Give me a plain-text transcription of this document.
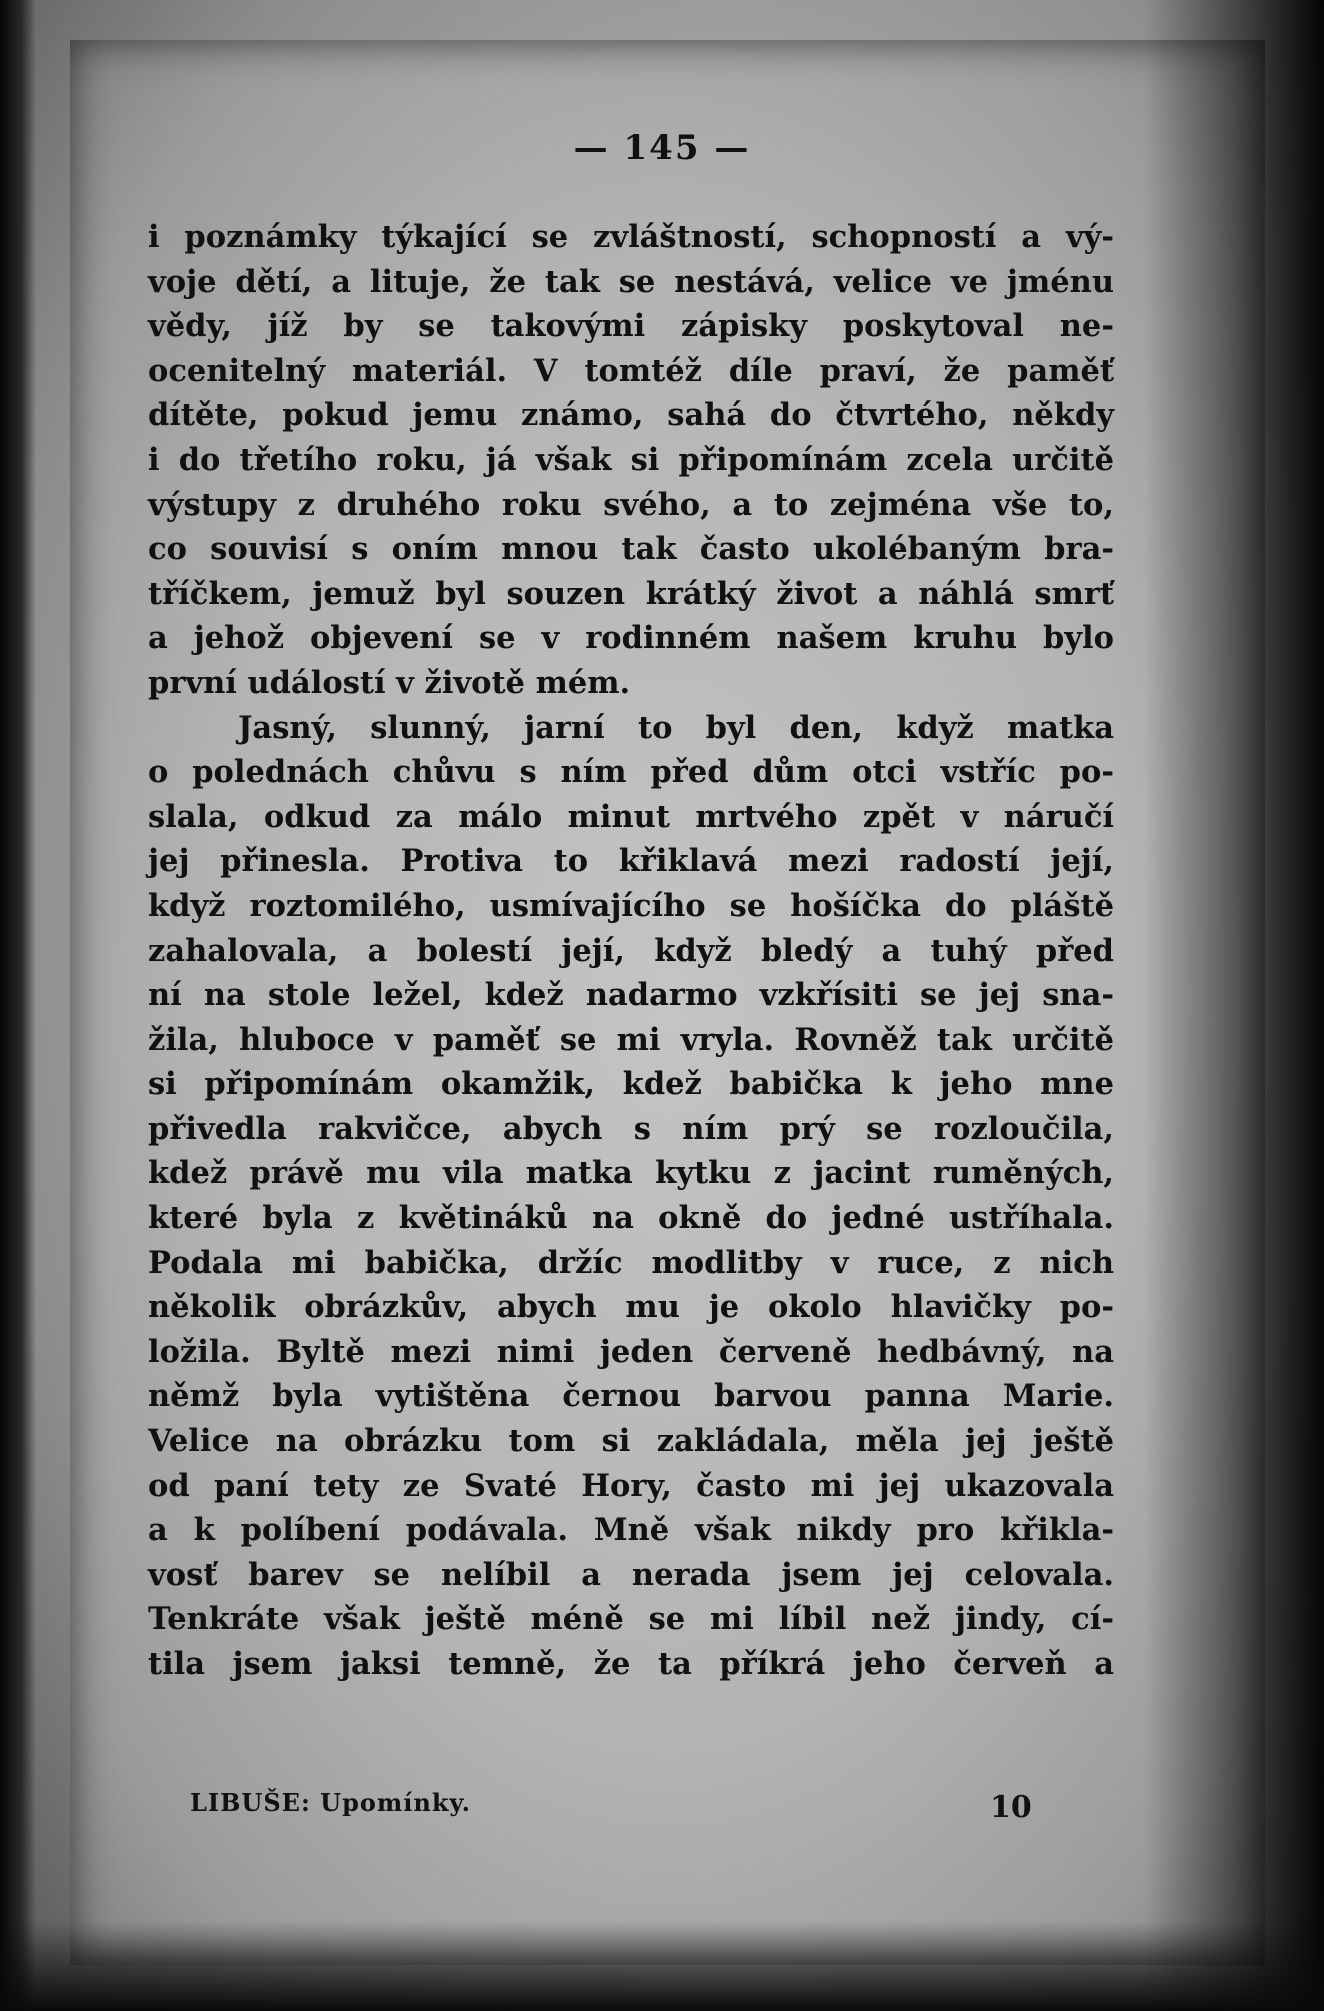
— 145 —
i poznámky týkající se zvláštností, schopností a vý-
voje dětí, a lituje, že tak se nestává, velice ve jménu
vědy, jíž by se takovými zápisky poskytoval ne-
ocenitelný materiál. V tomtéž díle praví, že paměť
dítěte, pokud jemu známo, sahá do čtvrtého, někdy
i do třetího roku, já však si připomínám zcela určitě
výstupy z druhého roku svého, a to zejména vše to,
co souvisí s oním mnou tak často ukolébaným bra-
tříčkem, jemuž byl souzen krátký život a náhlá smrť
a jehož objevení se v rodinném našem kruhu bylo
první událostí v životě mém.
Jasný, slunný, jarní to byl den, když matka
o polednách chůvu s ním před dům otci vstříc po-
slala, odkud za málo minut mrtvého zpět v náručí
jej přinesla. Protiva to křiklavá mezi radostí její,
když roztomilého, usmívajícího se hošíčka do pláště
zahalovala, a bolestí její, když bledý a tuhý před
ní na stole ležel, kdež nadarmo vzkřísiti se jej sna-
žila, hluboce v paměť se mi vryla. Rovněž tak určitě
si připomínám okamžik, kdež babička k jeho mne
přivedla rakvičce, abych s ním prý se rozloučila,
kdež právě mu vila matka kytku z jacint ruměných,
které byla z květináků na okně do jedné ustříhala.
Podala mi babička, držíc modlitby v ruce, z nich
několik obrázkův, abych mu je okolo hlavičky po-
ložila. Byltě mezi nimi jeden červeně hedbávný, na
němž byla vytištěna černou barvou panna Marie.
Velice na obrázku tom si zakládala, měla jej ještě
od paní tety ze Svaté Hory, často mi jej ukazovala
a k políbení podávala. Mně však nikdy pro křikla-
vosť barev se nelíbil a nerada jsem jej celovala.
Tenkráte však ještě méně se mi líbil než jindy, cí-
tila jsem jaksi temně, že ta příkrá jeho červeň a
LIBUŠE: Upomínky.	10
